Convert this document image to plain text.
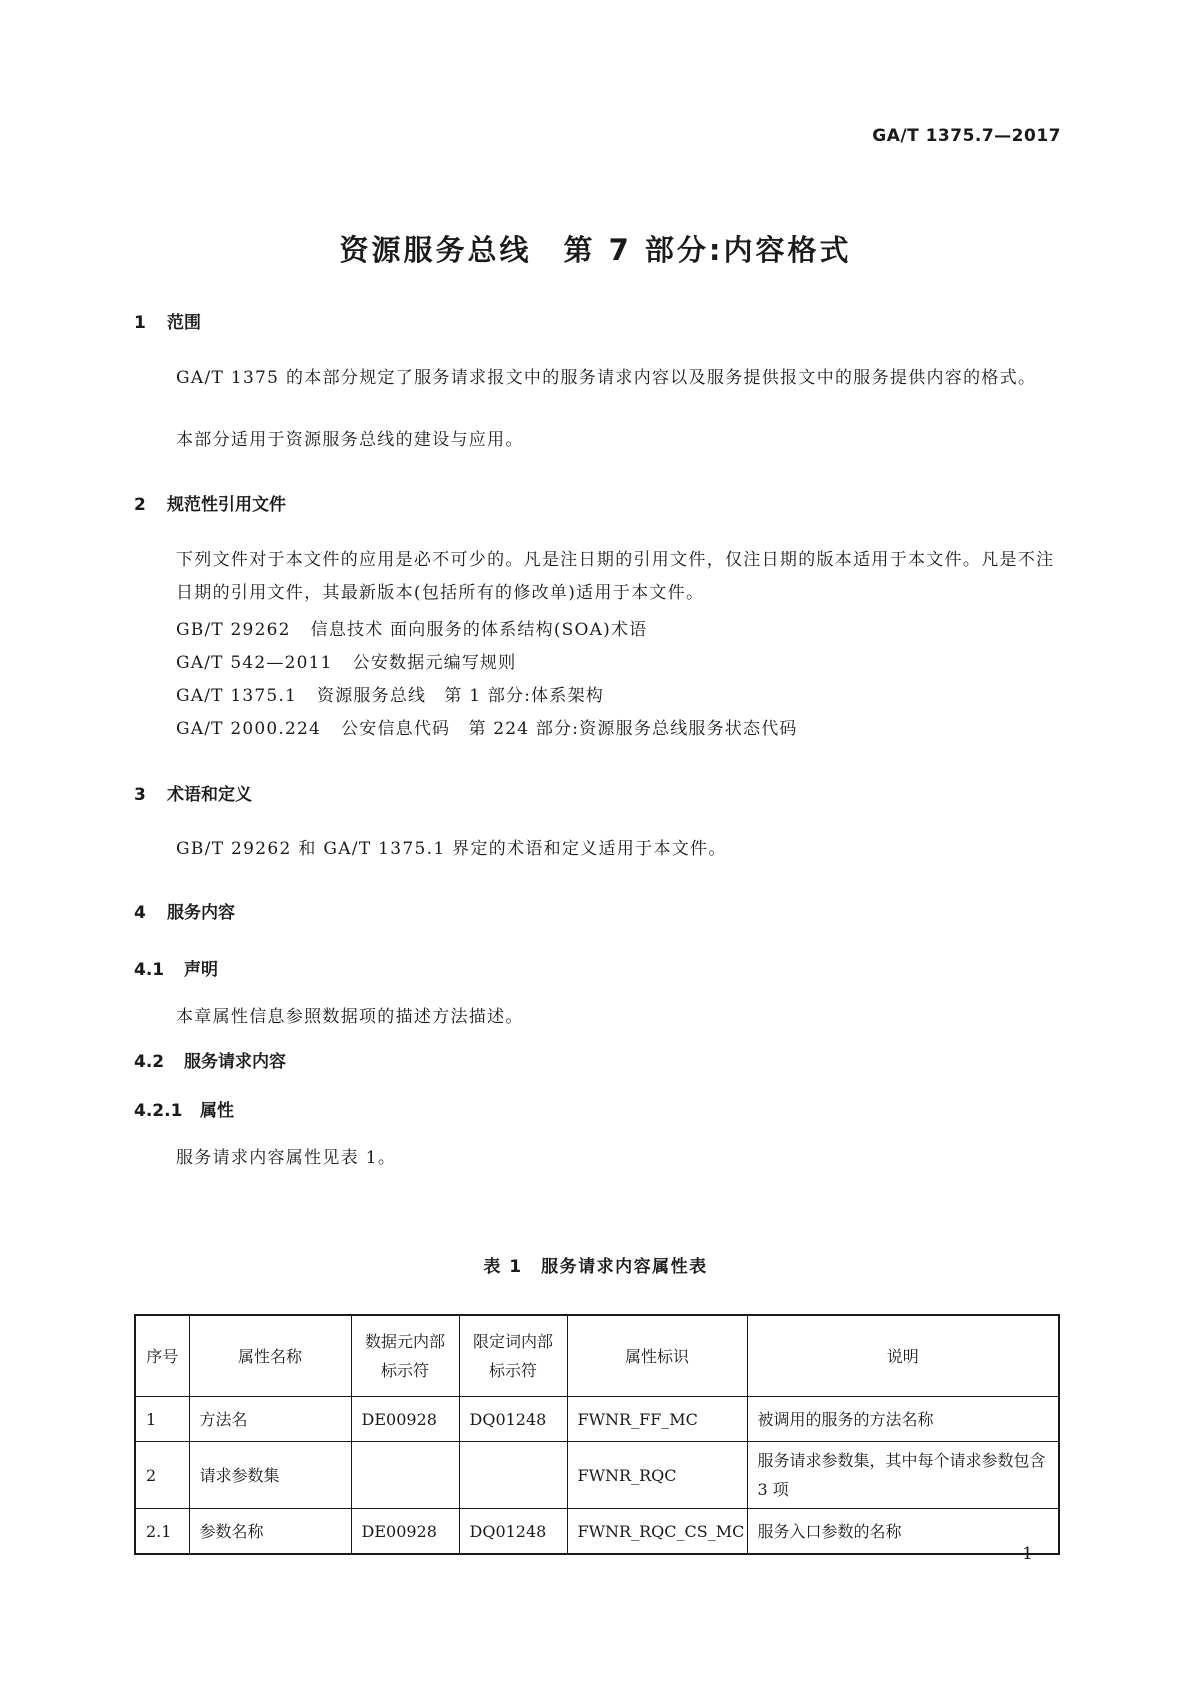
GA/T 1375.7—2017
资源服务总线　第 7 部分:内容格式
1 范围
GA/T 1375 的本部分规定了服务请求报文中的服务请求内容以及服务提供报文中的服务提供内容的格式。
本部分适用于资源服务总线的建设与应用。
2 规范性引用文件
下列文件对于本文件的应用是必不可少的。凡是注日期的引用文件，仅注日期的版本适用于本文件。凡是不注日期的引用文件，其最新版本(包括所有的修改单)适用于本文件。
GB/T 29262 信息技术 面向服务的体系结构(SOA)术语
GA/T 542—2011 公安数据元编写规则
GA/T 1375.1 资源服务总线　第 1 部分:体系架构
GA/T 2000.224 公安信息代码　第 224 部分:资源服务总线服务状态代码
3 术语和定义
GB/T 29262 和 GA/T 1375.1 界定的术语和定义适用于本文件。
4 服务内容
4.1 声明
本章属性信息参照数据项的描述方法描述。
4.2 服务请求内容
4.2.1 属性
服务请求内容属性见表 1。
表 1　服务请求内容属性表
序号	属性名称	数据元内部标示符	限定词内部标示符	属性标识	说明
1	方法名	DE00928	DQ01248	FWNR_FF_MC	被调用的服务的方法名称
2	请求参数集			FWNR_RQC	服务请求参数集，其中每个请求参数包含 3 项
2.1	参数名称	DE00928	DQ01248	FWNR_RQC_CS_MC	服务入口参数的名称
1
